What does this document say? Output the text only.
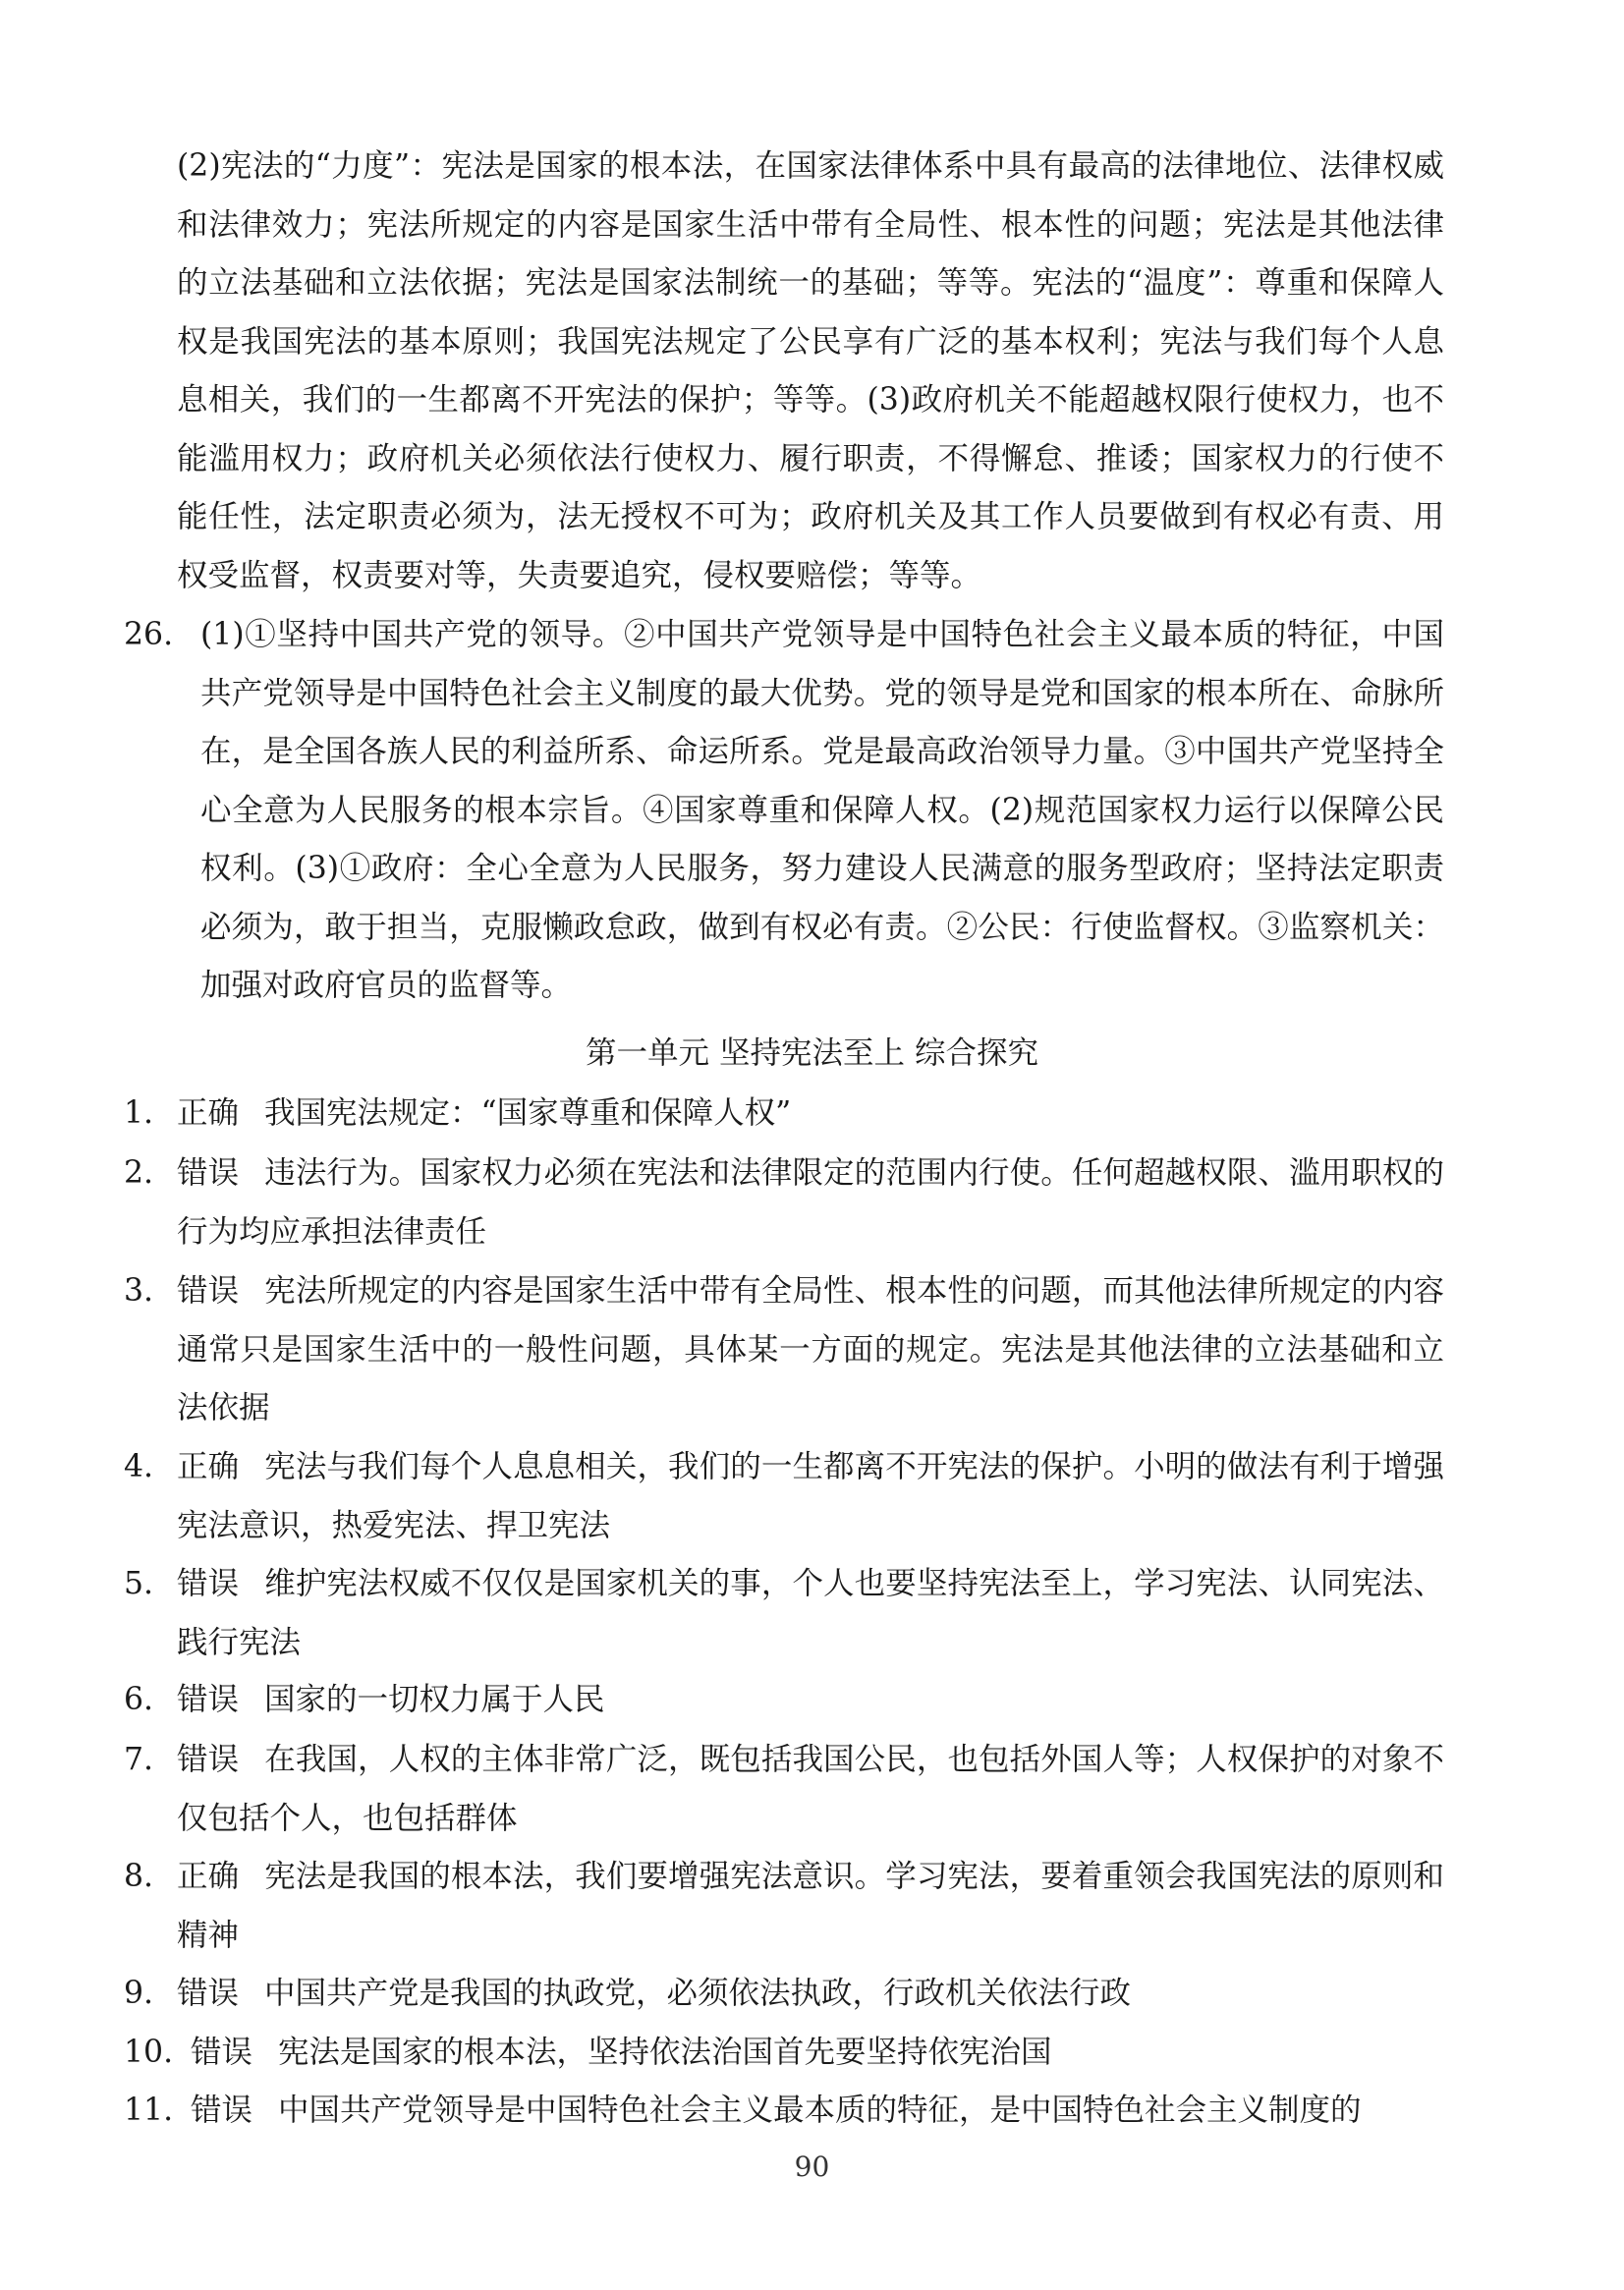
(2)宪法的“力度”：宪法是国家的根本法，在国家法律体系中具有最高的法律地位、法律权威和法律效力；宪法所规定的内容是国家生活中带有全局性、根本性的问题；宪法是其他法律的立法基础和立法依据；宪法是国家法制统一的基础；等等。宪法的“温度”：尊重和保障人权是我国宪法的基本原则；我国宪法规定了公民享有广泛的基本权利；宪法与我们每个人息息相关，我们的一生都离不开宪法的保护；等等。(3)政府机关不能超越权限行使权力，也不能滥用权力；政府机关必须依法行使权力、履行职责，不得懈怠、推诿；国家权力的行使不能任性，法定职责必须为，法无授权不可为；政府机关及其工作人员要做到有权必有责、用权受监督，权责要对等，失责要追究，侵权要赔偿；等等。

26. (1)①坚持中国共产党的领导。②中国共产党领导是中国特色社会主义最本质的特征，中国共产党领导是中国特色社会主义制度的最大优势。党的领导是党和国家的根本所在、命脉所在，是全国各族人民的利益所系、命运所系。党是最高政治领导力量。③中国共产党坚持全心全意为人民服务的根本宗旨。④国家尊重和保障人权。(2)规范国家权力运行以保障公民权利。(3)①政府：全心全意为人民服务，努力建设人民满意的服务型政府；坚持法定职责必须为，敢于担当，克服懒政怠政，做到有权必有责。②公民：行使监督权。③监察机关：加强对政府官员的监督等。

第一单元 坚持宪法至上 综合探究

1. 正确 我国宪法规定：“国家尊重和保障人权”
2. 错误 违法行为。国家权力必须在宪法和法律限定的范围内行使。任何超越权限、滥用职权的行为均应承担法律责任
3. 错误 宪法所规定的内容是国家生活中带有全局性、根本性的问题，而其他法律所规定的内容通常只是国家生活中的一般性问题，具体某一方面的规定。宪法是其他法律的立法基础和立法依据
4. 正确 宪法与我们每个人息息相关，我们的一生都离不开宪法的保护。小明的做法有利于增强宪法意识，热爱宪法、捍卫宪法
5. 错误 维护宪法权威不仅仅是国家机关的事，个人也要坚持宪法至上，学习宪法、认同宪法、践行宪法
6. 错误 国家的一切权力属于人民
7. 错误 在我国，人权的主体非常广泛，既包括我国公民，也包括外国人等；人权保护的对象不仅包括个人，也包括群体
8. 正确 宪法是我国的根本法，我们要增强宪法意识。学习宪法，要着重领会我国宪法的原则和精神
9. 错误 中国共产党是我国的执政党，必须依法执政，行政机关依法行政
10. 错误 宪法是国家的根本法，坚持依法治国首先要坚持依宪治国
11. 错误 中国共产党领导是中国特色社会主义最本质的特征，是中国特色社会主义制度的
90
